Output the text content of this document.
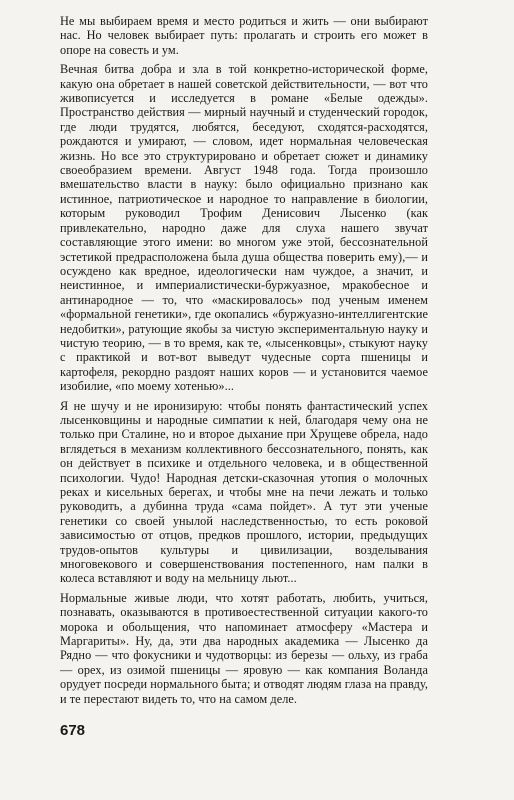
Не мы выбираем время и место родиться и жить — они выбирают нас. Но человек выбирает путь: пролагать и строить его может в опоре на совесть и ум.

Вечная битва добра и зла в той конкретно-исторической форме, какую она обретает в нашей советской действительности, — вот что живописуется и исследуется в романе «Белые одежды». Пространство действия — мирный научный и студенческий городок, где люди трудятся, любятся, беседуют, сходятся-расходятся, рождаются и умирают, — словом, идет нормальная человеческая жизнь. Но все это структурировано и обретает сюжет и динамику своеобразием времени. Август 1948 года. Тогда произошло вмешательство власти в науку: было официально признано как истинное, патриотическое и народное то направление в биологии, которым руководил Трофим Денисович Лысенко (как привлекательно, народно даже для слуха нашего звучат составляющие этого имени: во многом уже этой, бессознательной эстетикой предрасположена была душа общества поверить ему),— и осуждено как вредное, идеологически нам чуждое, а значит, и неистинное, и империалистически-буржуазное, мракобесное и антинародное — то, что «маскировалось» под ученым именем «формальной генетики», где окопались «буржуазно-интеллигентские недобитки», ратующие якобы за чистую экспериментальную науку и чистую теорию, — в то время, как те, «лысенковцы», стыкуют науку с практикой и вот-вот выведут чудесные сорта пшеницы и картофеля, рекордно раздоят наших коров — и установится чаемое изобилие, «по моему хотенью»...

Я не шучу и не иронизирую: чтобы понять фантастический успех лысенковщины и народные симпатии к ней, благодаря чему она не только при Сталине, но и второе дыхание при Хрущеве обрела, надо вглядеться в механизм коллективного бессознательного, понять, как он действует в психике и отдельного человека, и в общественной психологии. Чудо! Народная детски-сказочная утопия о молочных реках и кисельных берегах, и чтобы мне на печи лежать и только руководить, а дубинна труда «сама пойдет». А тут эти ученые генетики со своей унылой наследственностью, то есть роковой зависимостью от отцов, предков прошлого, истории, предыдущих трудов-опытов культуры и цивилизации, возделывания многовекового и совершенствования постепенного, нам палки в колеса вставляют и воду на мельницу льют...

Нормальные живые люди, что хотят работать, любить, учиться, познавать, оказываются в противоестественной ситуации какого-то морока и обольщения, что напоминает атмосферу «Мастера и Маргариты». Ну, да, эти два народных академика — Лысенко да Рядно — что фокусники и чудотворцы: из березы — ольху, из граба — орех, из озимой пшеницы — яровую — как компания Воланда орудует посреди нормального быта; и отводят людям глаза на правду, и те перестают видеть то, что на самом деле.

678
